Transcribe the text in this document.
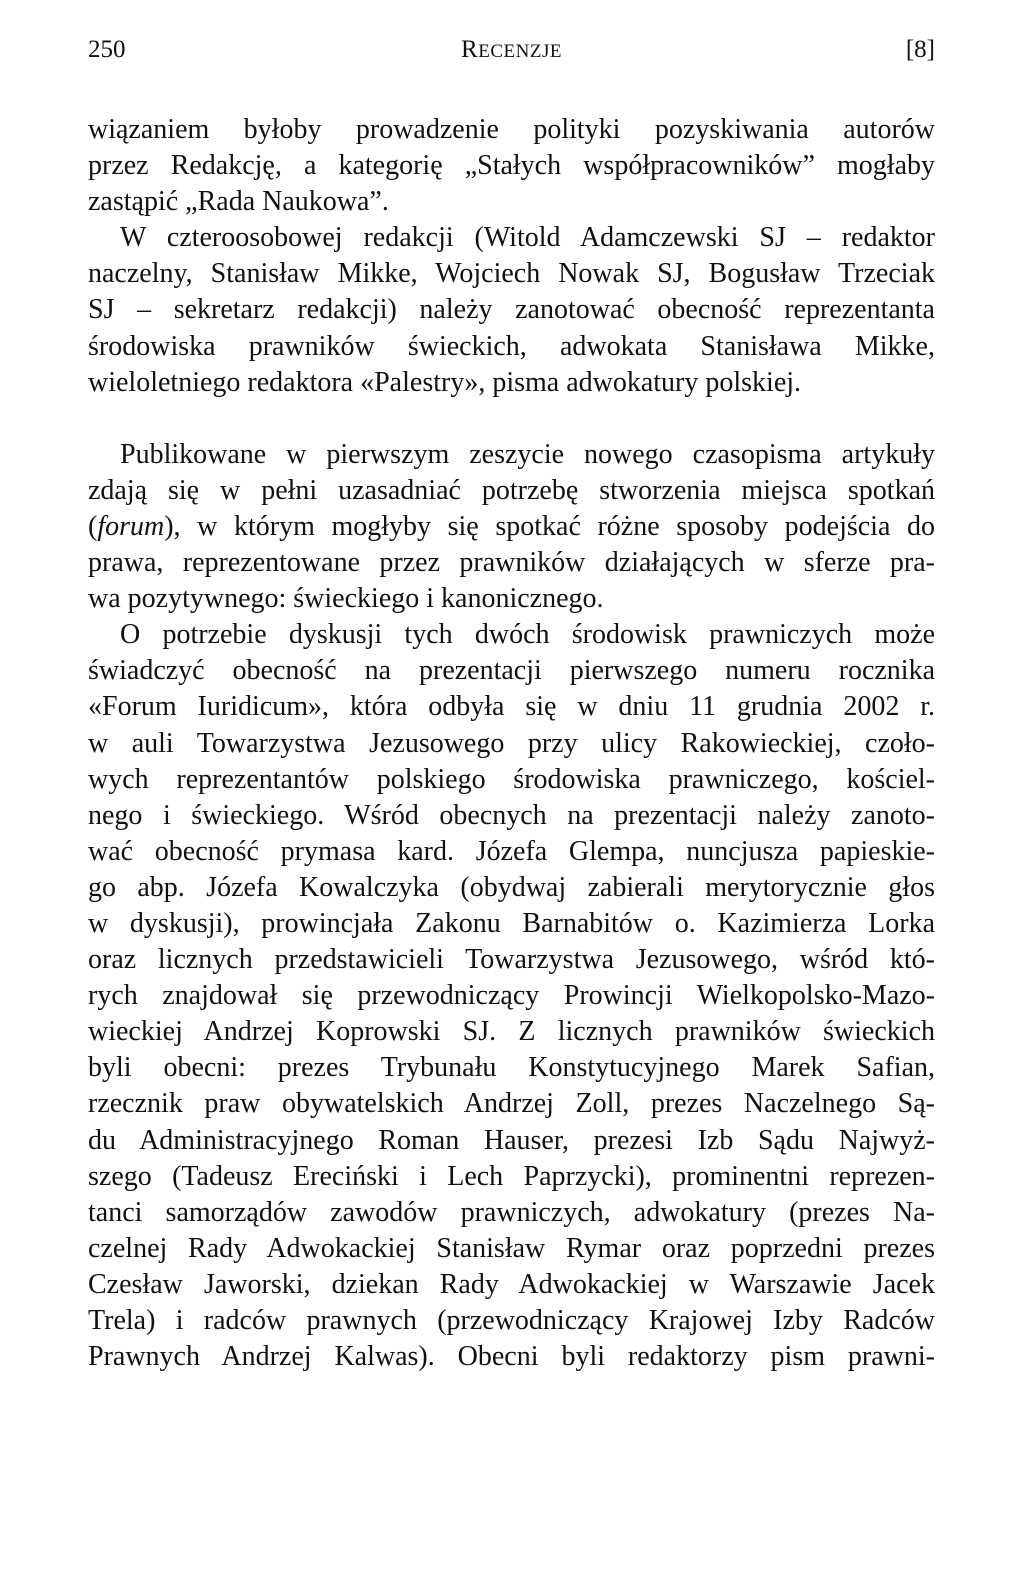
250	RECENZJE	[8]
wiązaniem byłoby prowadzenie polityki pozyskiwania autorów
przez Redakcję, a kategorię „Stałych współpracowników” mogłaby
zastąpić „Rada Naukowa”.
W czteroosobowej redakcji (Witold Adamczewski SJ – redaktor
naczelny, Stanisław Mikke, Wojciech Nowak SJ, Bogusław Trzeciak
SJ – sekretarz redakcji) należy zanotować obecność reprezentanta
środowiska prawników świeckich, adwokata Stanisława Mikke,
wieloletniego redaktora «Palestry», pisma adwokatury polskiej.
Publikowane w pierwszym zeszycie nowego czasopisma artykuły
zdają się w pełni uzasadniać potrzebę stworzenia miejsca spotkań
(forum), w którym mogłyby się spotkać różne sposoby podejścia do
prawa, reprezentowane przez prawników działających w sferze pra-
wa pozytywnego: świeckiego i kanonicznego.
O potrzebie dyskusji tych dwóch środowisk prawniczych może
świadczyć obecność na prezentacji pierwszego numeru rocznika
«Forum Iuridicum», która odbyła się w dniu 11 grudnia 2002 r.
w auli Towarzystwa Jezusowego przy ulicy Rakowieckiej, czoło-
wych reprezentantów polskiego środowiska prawniczego, kościel-
nego i świeckiego. Wśród obecnych na prezentacji należy zanoto-
wać obecność prymasa kard. Józefa Glempa, nuncjusza papieskie-
go abp. Józefa Kowalczyka (obydwaj zabierali merytorycznie głos
w dyskusji), prowincjała Zakonu Barnabitów o. Kazimierza Lorka
oraz licznych przedstawicieli Towarzystwa Jezusowego, wśród któ-
rych znajdował się przewodniczący Prowincji Wielkopolsko-Mazo-
wieckiej Andrzej Koprowski SJ. Z licznych prawników świeckich
byli obecni: prezes Trybunału Konstytucyjnego Marek Safian,
rzecznik praw obywatelskich Andrzej Zoll, prezes Naczelnego Są-
du Administracyjnego Roman Hauser, prezesi Izb Sądu Najwyż-
szego (Tadeusz Ereciński i Lech Paprzycki), prominentni reprezen-
tanci samorządów zawodów prawniczych, adwokatury (prezes Na-
czelnej Rady Adwokackiej Stanisław Rymar oraz poprzedni prezes
Czesław Jaworski, dziekan Rady Adwokackiej w Warszawie Jacek
Trela) i radców prawnych (przewodniczący Krajowej Izby Radców
Prawnych Andrzej Kalwas). Obecni byli redaktorzy pism prawni-
